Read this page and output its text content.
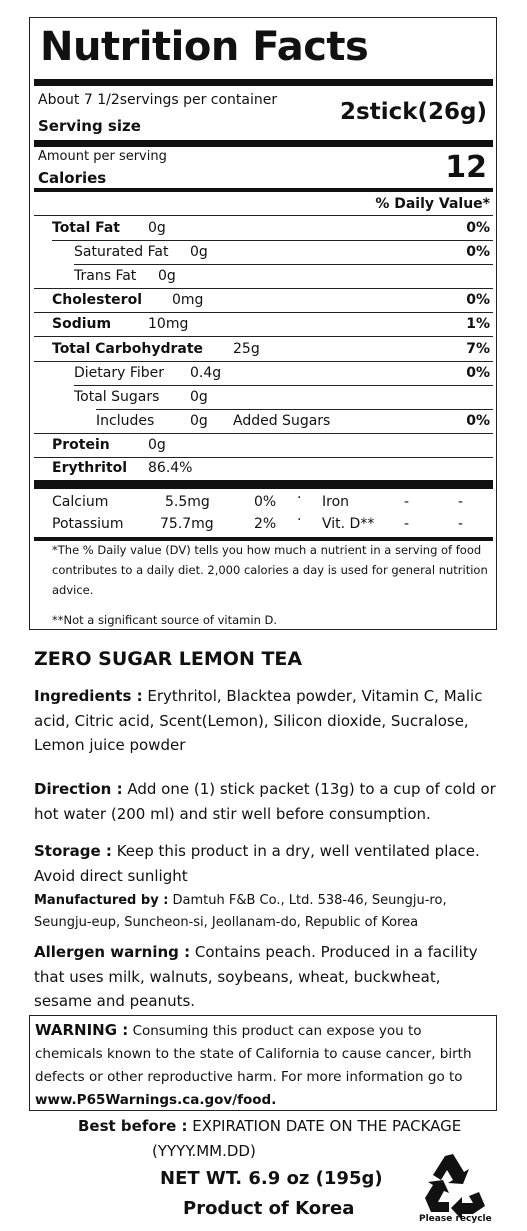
Nutrition Facts
About 7 1/2servings per container
Serving size
2stick(26g)
Amount per serving
Calories	12
% Daily Value*
Total Fat 0g	0%
Saturated Fat 0g	0%
Trans Fat 0g
Cholesterol 0mg	0%
Sodium	10mg	1%
Total Carbohydrate 25g	7%
Dietary Fiber 0.4g	0%
Total Sugars 0g
Includes	0g Added Sugars	0%
Protein	0g
Erythritol 86.4%
Calcium	5.5mg	0% · Iron	-	-
Potassium	75.7mg	2% · Vit. D** -	-
*The % Daily value (DV) tells you how much a nutrient in a serving of food contributes to a daily diet. 2,000 calories a day is used for general nutrition advice.
**Not a significant source of vitamin D.
ZERO SUGAR LEMON TEA
Ingredients : Erythritol, Blacktea powder, Vitamin C, Malic acid, Citric acid, Scent(Lemon), Silicon dioxide, Sucralose, Lemon juice powder
Direction : Add one (1) stick packet (13g) to a cup of cold or hot water (200 ml) and stir well before consumption.
Storage : Keep this product in a dry, well ventilated place. Avoid direct sunlight
Manufactured by : Damtuh F&B Co., Ltd. 538-46, Seungju-ro, Seungju-eup, Suncheon-si, Jeollanam-do, Republic of Korea
Allergen warning : Contains peach. Produced in a facility that uses milk, walnuts, soybeans, wheat, buckwheat, sesame and peanuts.
WARNING : Consuming this product can expose you to chemicals known to the state of California to cause cancer, birth defects or other reproductive harm. For more information go to www.P65Warnings.ca.gov/food.
Best before : EXPIRATION DATE ON THE PACKAGE
(YYYY.MM.DD)
NET WT. 6.9 oz (195g)
Product of Korea	Please recycle
